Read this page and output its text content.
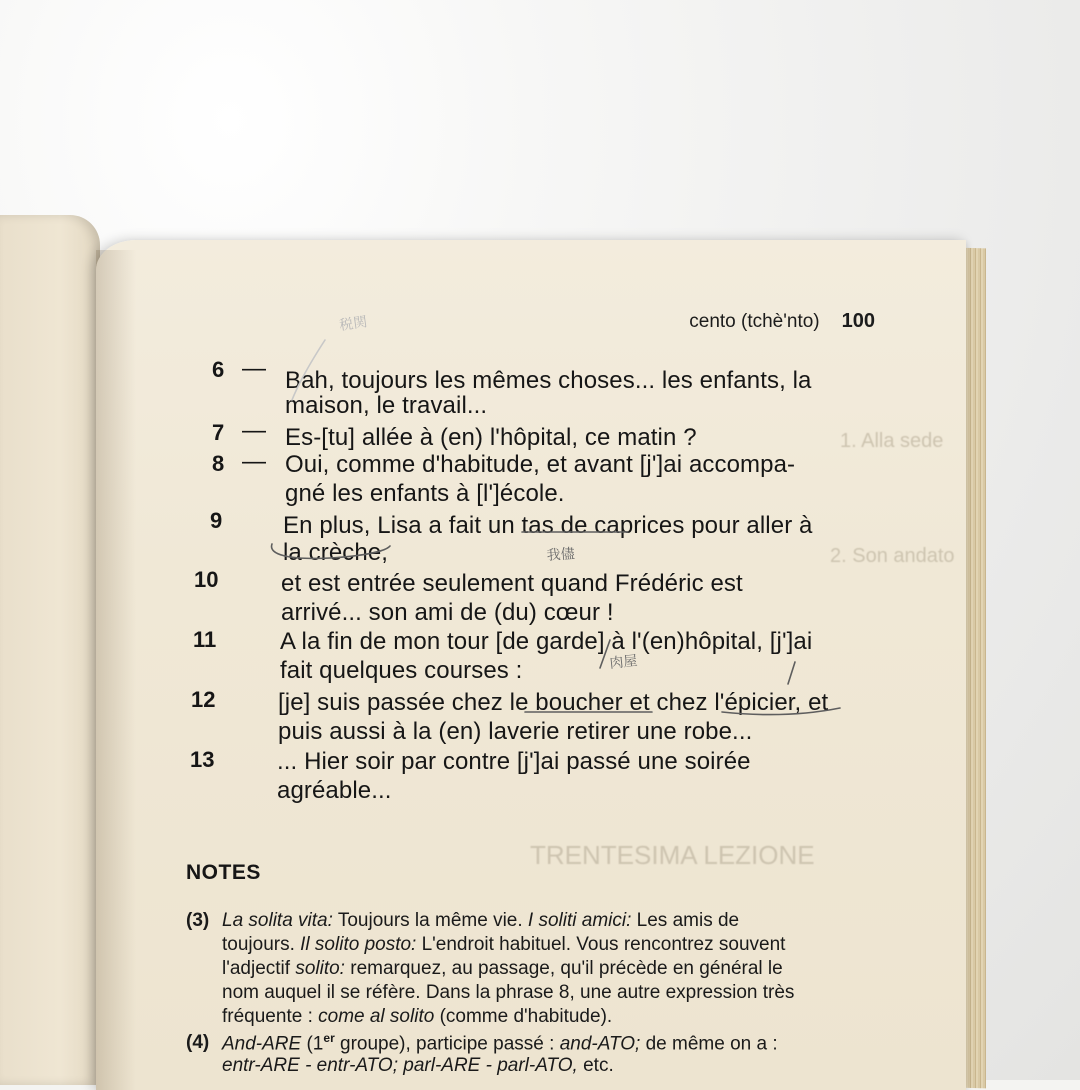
1. Alla sede
2. Son andato
TRENTESIMA LEZIONE
cento (tchè'nto) 100
6 — Bah, toujours les mêmes choses... les enfants, la
maison, le travail...
7 — Es-[tu] allée à (en) l'hôpital, ce matin ?
8 — Oui, comme d'habitude, et avant [j']ai accompa-
gné les enfants à [l']école.
9	En plus, Lisa a fait un tas de caprices pour aller à
la crèche,
10	et est entrée seulement quand Frédéric est
arrivé... son ami de (du) cœur !
11	A la fin de mon tour [de garde] à l'(en)hôpital, [j']ai
fait quelques courses :
12	[je] suis passée chez le boucher et chez l'épicier, et
puis aussi à la (en) laverie retirer une robe...
13	... Hier soir par contre [j']ai passé une soirée
agréable...
NOTES
(3) La solita vita: Toujours la même vie. I soliti amici: Les amis de
toujours. Il solito posto: L'endroit habituel. Vous rencontrez souvent
l'adjectif solito: remarquez, au passage, qu'il précède en général le
nom auquel il se réfère. Dans la phrase 8, une autre expression très
fréquente : come al solito (comme d'habitude).
(4) And-ARE (1er groupe), participe passé : and-ATO; de même on a :
entr-ARE - entr-ATO; parl-ARE - parl-ATO, etc.
税関
我儘
肉屋
